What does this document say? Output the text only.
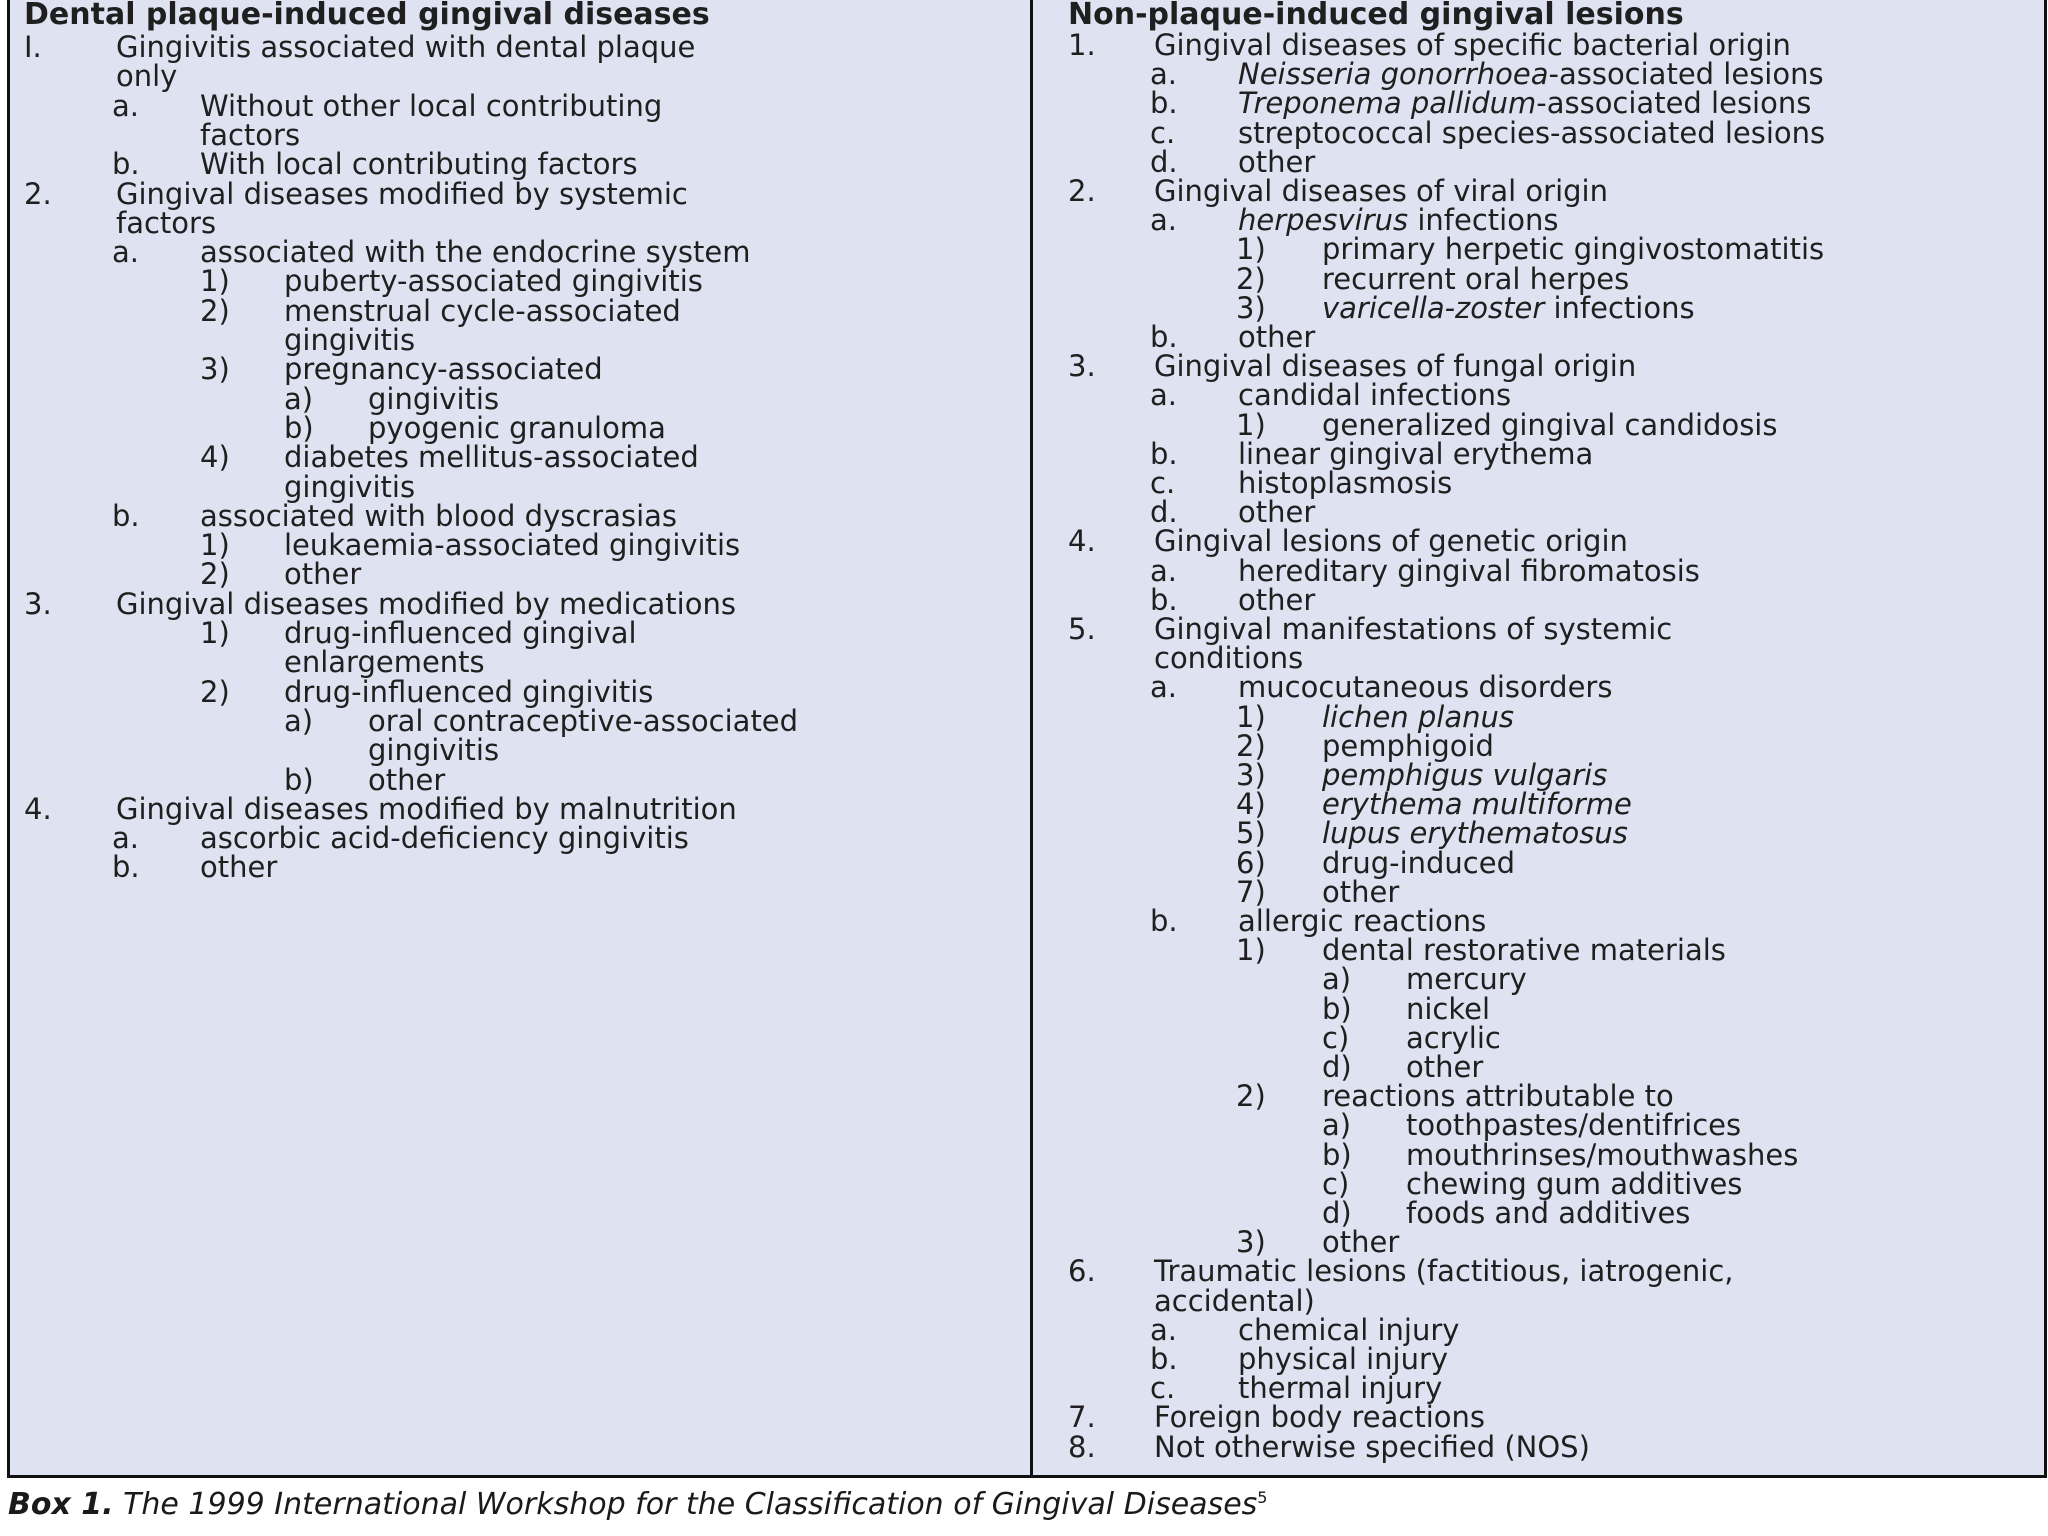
Dental plaque-induced gingival diseases
I.	Gingivitis associated with dental plaque
only
a. Without other local contributing
factors
b. With local contributing factors
2. Gingival diseases modified by systemic
factors
a. associated with the endocrine system
1) puberty-associated gingivitis
2) menstrual cycle-associated
gingivitis
3) pregnancy-associated
a) gingivitis
b) pyogenic granuloma
4) diabetes mellitus-associated
gingivitis
b. associated with blood dyscrasias
1) leukaemia-associated gingivitis
2) other
3. Gingival diseases modified by medications
1) drug-influenced gingival
enlargements
2) drug-influenced gingivitis
a) oral contraceptive-associated
gingivitis
b) other
4. Gingival diseases modified by malnutrition
a. ascorbic acid-deficiency gingivitis
b. other
Non-plaque-induced gingival lesions
1. Gingival diseases of specific bacterial origin
a. Neisseria gonorrhoea-associated lesions
b. Treponema pallidum-associated lesions
c. streptococcal species-associated lesions
d. other
2. Gingival diseases of viral origin
a. herpesvirus infections
1) primary herpetic gingivostomatitis
2) recurrent oral herpes
3) varicella-zoster infections
b. other
3. Gingival diseases of fungal origin
a. candidal infections
1) generalized gingival candidosis
b. linear gingival erythema
c. histoplasmosis
d. other
4. Gingival lesions of genetic origin
a. hereditary gingival fibromatosis
b. other
5. Gingival manifestations of systemic
conditions
a. mucocutaneous disorders
1) lichen planus
2) pemphigoid
3) pemphigus vulgaris
4) erythema multiforme
5) lupus erythematosus
6) drug-induced
7) other
b. allergic reactions
1) dental restorative materials
a) mercury
b) nickel
c) acrylic
d) other
2) reactions attributable to
a) toothpastes/dentifrices
b) mouthrinses/mouthwashes
c) chewing gum additives
d) foods and additives
3) other
6. Traumatic lesions (factitious, iatrogenic,
accidental)
a. chemical injury
b. physical injury
c. thermal injury
7. Foreign body reactions
8. Not otherwise specified (NOS)
Box 1. The 1999 International Workshop for the Classification of Gingival Diseases$^5$
